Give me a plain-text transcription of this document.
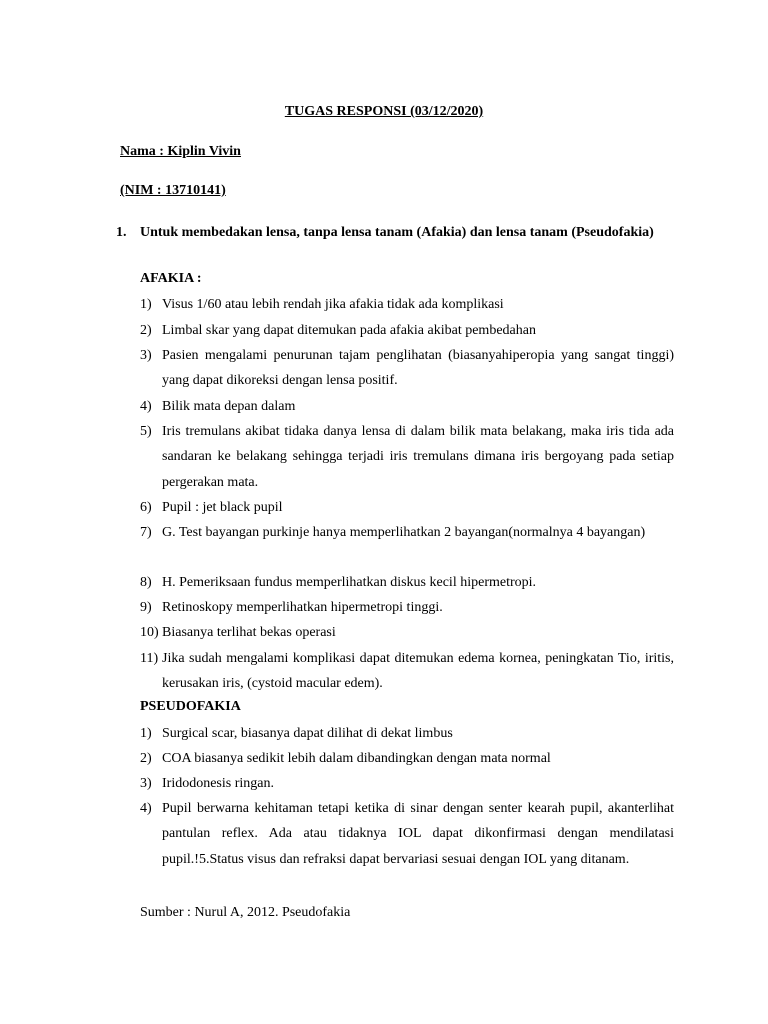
TUGAS RESPONSI (03/12/2020)
Nama : Kiplin Vivin
(NIM : 13710141)
1. Untuk membedakan lensa, tanpa lensa tanam (Afakia) dan lensa tanam (Pseudofakia)
AFAKIA :
1) Visus 1/60 atau lebih rendah jika afakia tidak ada komplikasi
2) Limbal skar yang dapat ditemukan pada afakia akibat pembedahan
3) Pasien mengalami penurunan tajam penglihatan (biasanyahiperopia yang sangat tinggi) yang dapat dikoreksi dengan lensa positif.
4) Bilik mata depan dalam
5) Iris tremulans akibat tidaka danya lensa di dalam bilik mata belakang, maka iris tida ada sandaran ke belakang sehingga terjadi iris tremulans dimana iris bergoyang pada setiap pergerakan mata.
6) Pupil : jet black pupil
7) G. Test bayangan purkinje hanya memperlihatkan 2 bayangan(normalnya 4 bayangan)
8) H. Pemeriksaan fundus memperlihatkan diskus kecil hipermetropi.
9) Retinoskopy memperlihatkan hipermetropi tinggi.
10) Biasanya terlihat bekas operasi
11) Jika sudah mengalami komplikasi dapat ditemukan edema kornea, peningkatan Tio, iritis, kerusakan iris, (cystoid macular edem).
PSEUDOFAKIA
1) Surgical scar, biasanya dapat dilihat di dekat limbus
2) COA biasanya sedikit lebih dalam dibandingkan dengan mata normal
3) Iridodonesis ringan.
4) Pupil berwarna kehitaman tetapi ketika di sinar dengan senter kearah pupil, akanterlihat pantulan reflex. Ada atau tidaknya IOL dapat dikonfirmasi dengan mendilatasi pupil.!5.Status visus dan refraksi dapat bervariasi sesuai dengan IOL yang ditanam.
Sumber : Nurul A, 2012. Pseudofakia
